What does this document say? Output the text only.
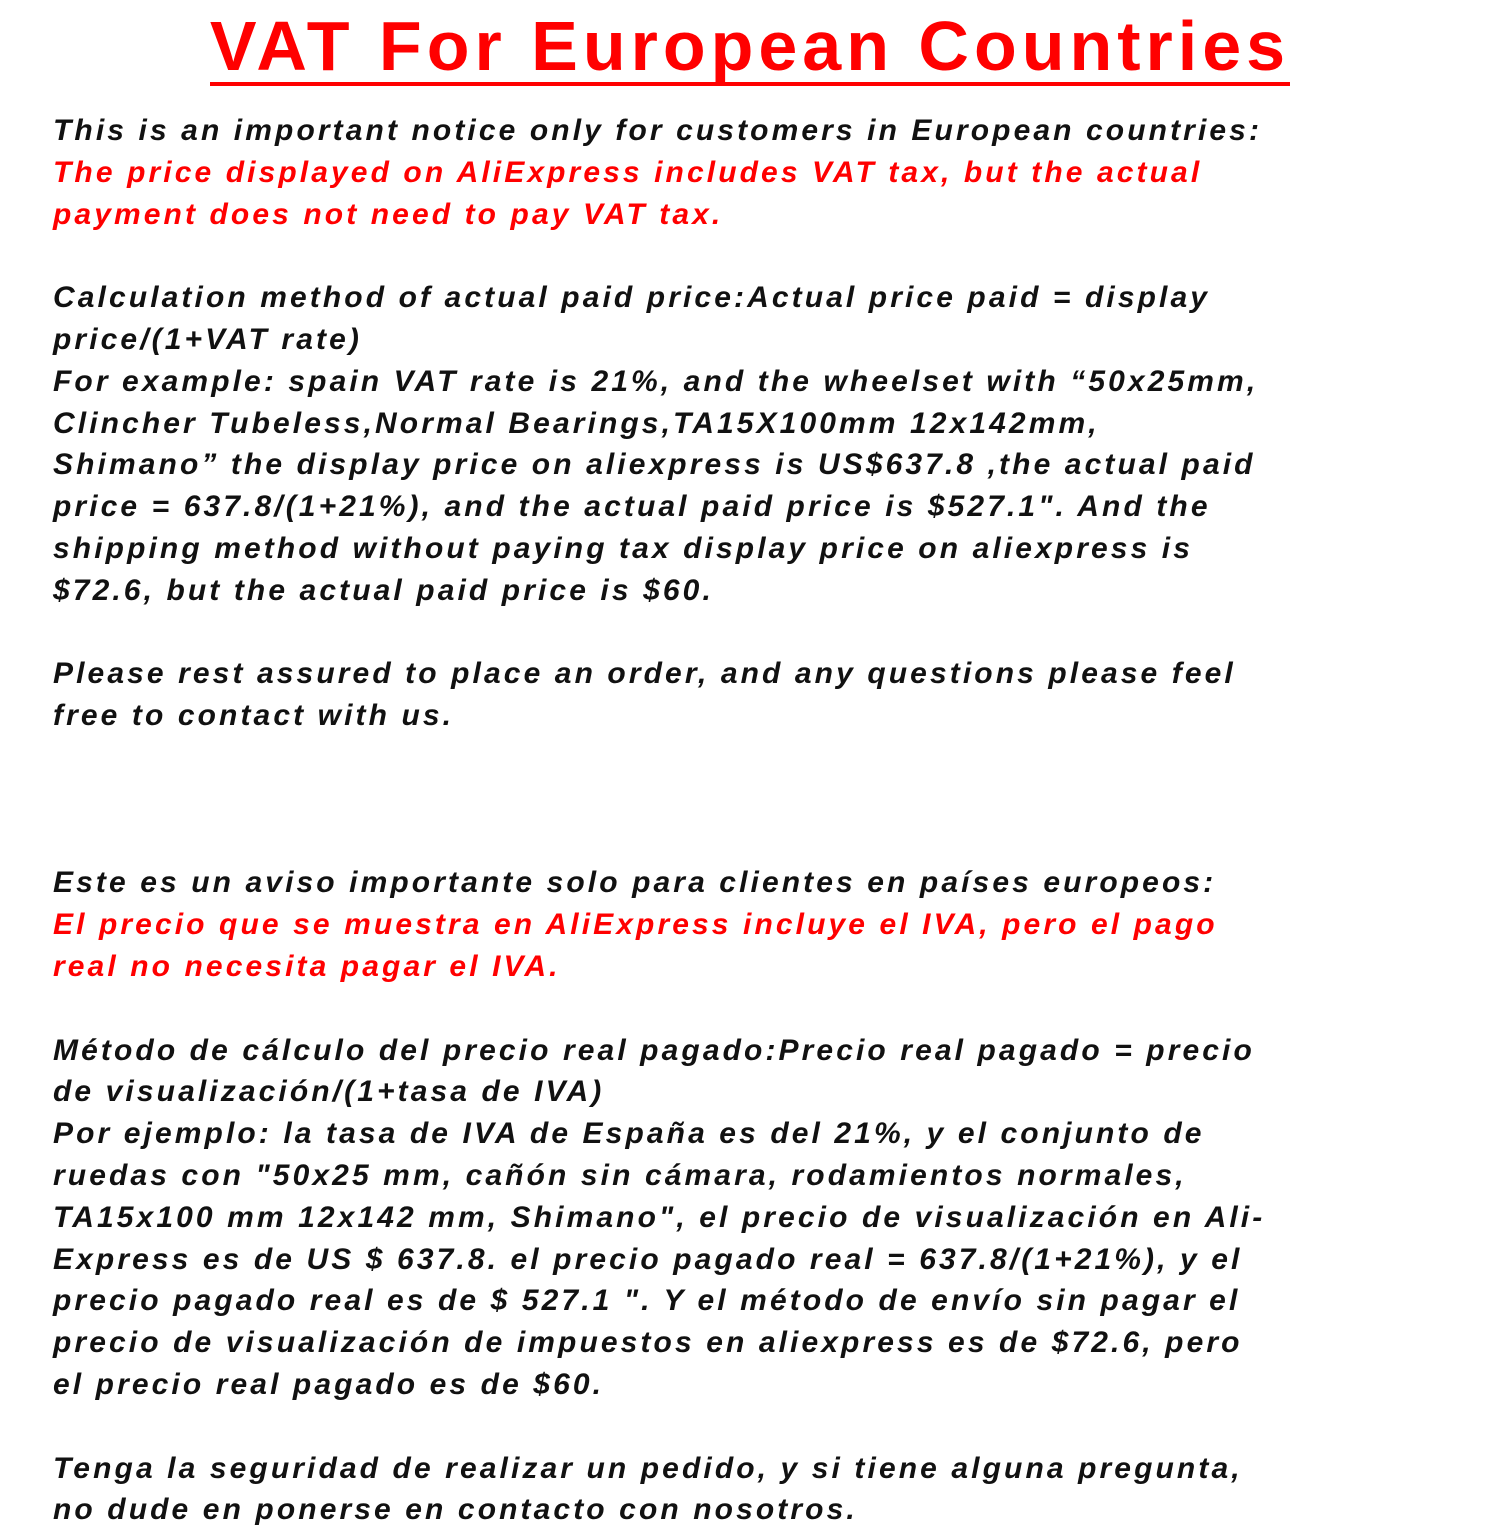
VAT For European Countries
This is an important notice only for customers in European countries:
The price displayed on AliExpress includes VAT tax, but the actual
payment does not need to pay VAT tax.
Calculation method of actual paid price:Actual price paid = display
price/(1+VAT rate)
For example: spain VAT rate is 21%, and the wheelset with “50x25mm,
Clincher Tubeless,Normal Bearings,TA15X100mm 12x142mm,
Shimano” the display price on aliexpress is US$637.8 ,the actual paid
price = 637.8/(1+21%), and the actual paid price is $527.1". And the
shipping method without paying tax display price on aliexpress is
$72.6, but the actual paid price is $60.
Please rest assured to place an order, and any questions please feel
free to contact with us.
Este es un aviso importante solo para clientes en países europeos:
El precio que se muestra en AliExpress incluye el IVA, pero el pago
real no necesita pagar el IVA.
Método de cálculo del precio real pagado:Precio real pagado = precio
de visualización/(1+tasa de IVA)
Por ejemplo: la tasa de IVA de España es del 21%, y el conjunto de
ruedas con "50x25 mm, cañón sin cámara, rodamientos normales,
TA15x100 mm 12x142 mm, Shimano", el precio de visualización en Ali-
Express es de US $ 637.8. el precio pagado real = 637.8/(1+21%), y el
precio pagado real es de $ 527.1 ". Y el método de envío sin pagar el
precio de visualización de impuestos en aliexpress es de $72.6, pero
el precio real pagado es de $60.
Tenga la seguridad de realizar un pedido, y si tiene alguna pregunta,
no dude en ponerse en contacto con nosotros.
